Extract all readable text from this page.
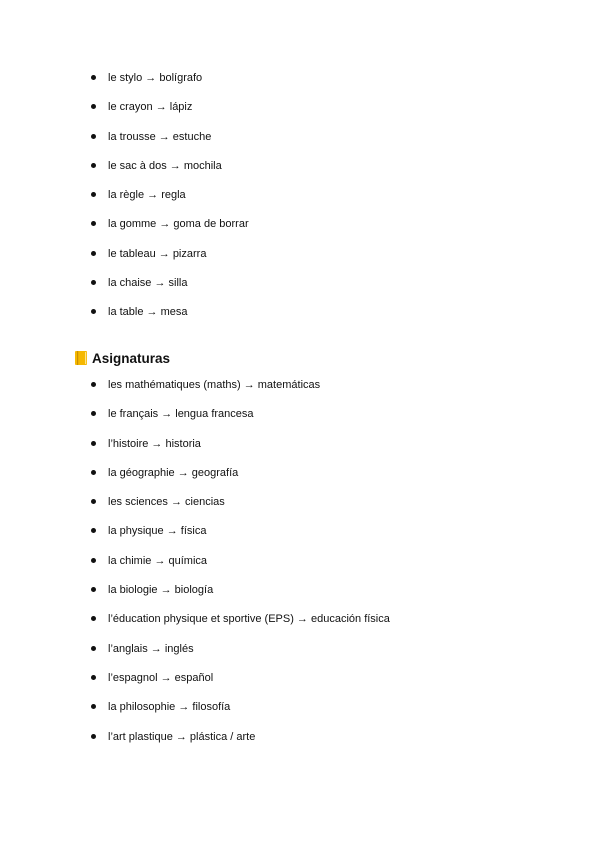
le stylo → bolígrafo
le crayon → lápiz
la trousse → estuche
le sac à dos → mochila
la règle → regla
la gomme → goma de borrar
le tableau → pizarra
la chaise → silla
la table → mesa
Asignaturas
les mathématiques (maths) → matemáticas
le français → lengua francesa
l’histoire → historia
la géographie → geografía
les sciences → ciencias
la physique → física
la chimie → química
la biologie → biología
l’éducation physique et sportive (EPS) → educación física
l’anglais → inglés
l’espagnol → español
la philosophie → filosofía
l’art plastique → plástica / arte
